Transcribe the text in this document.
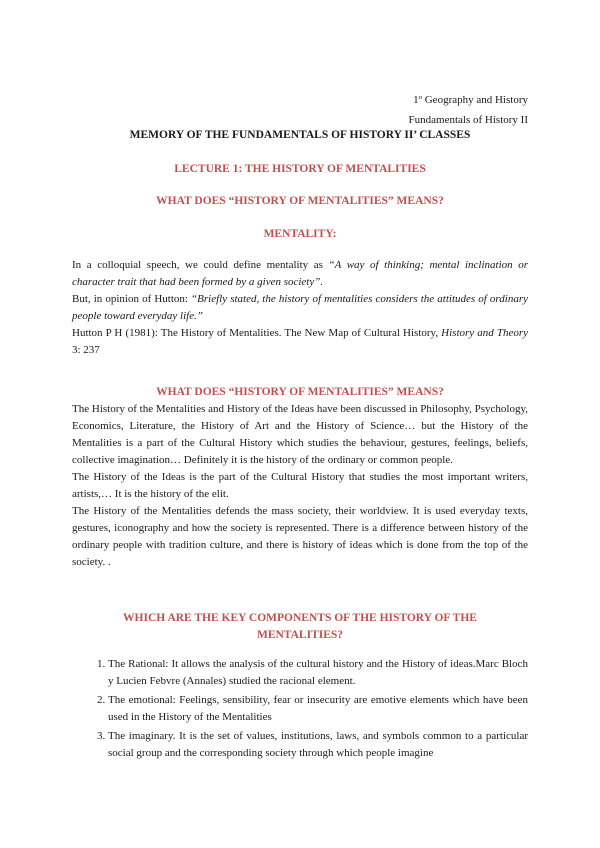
1º Geography and History
Fundamentals of History II
MEMORY OF THE FUNDAMENTALS OF HISTORY II’ CLASSES
LECTURE 1: THE HISTORY OF MENTALITIES
WHAT DOES “HISTORY OF MENTALITIES” MEANS?
MENTALITY:

In a colloquial speech, we could define mentality as “A way of thinking; mental inclination or character trait that had been formed by a given society”.

But, in opinion of Hutton: “Briefly stated, the history of mentalities considers the attitudes of ordinary people toward everyday life.”

Hutton P H (1981): The History of Mentalities. The New Map of Cultural History, History and Theory 3: 237

WHAT DOES “HISTORY OF MENTALITIES” MEANS?

The History of the Mentalities and History of the Ideas have been discussed in Philosophy, Psychology, Economics, Literature, the History of Art and the History of Science… but the History of the Mentalities is a part of the Cultural History which studies the behaviour, gestures, feelings, beliefs, collective imagination… Definitely it is the history of the ordinary or common people.

The History of the Ideas is the part of the Cultural History that studies the most important writers, artists,… It is the history of the elit.

The History of the Mentalities defends the mass society, their worldview. It is used everyday texts, gestures, iconography and how the society is represented. There is a difference between history of the ordinary people with tradition culture, and there is history of ideas which is done from the top of the society. .

WHICH ARE THE KEY COMPONENTS OF THE HISTORY OF THE MENTALITIES?
1. The Rational: It allows the analysis of the cultural history and the History of ideas.Marc Bloch y Lucien Febvre (Annales) studied the racional element.
2. The emotional: Feelings, sensibility, fear or insecurity are emotive elements which have been used in the History of the Mentalities
3. The imaginary. It is the set of values, institutions, laws, and symbols common to a particular social group and the corresponding society through which people imagine
